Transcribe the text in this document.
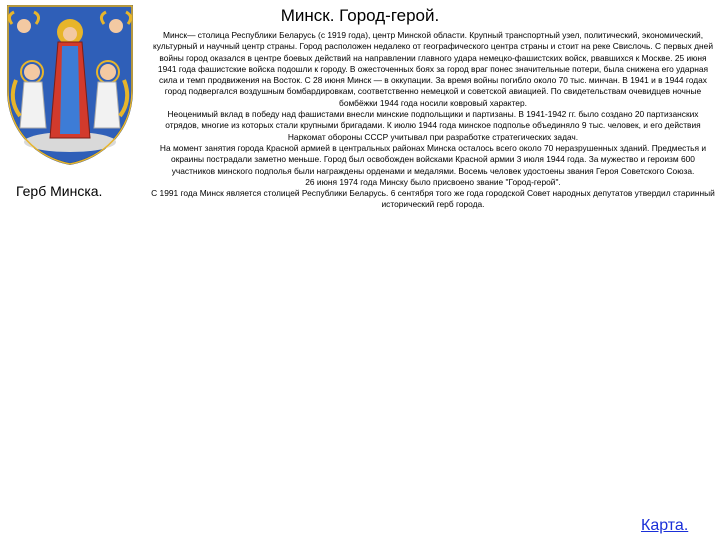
Минск. Город-герой.
Герб Минска.

Минск— столица Республики Беларусь (с 1919 года), центр Минской области. Крупный транспортный узел, политический, экономический, культурный и научный центр страны. Город расположен недалеко от географического центра страны и стоит на реке Свислочь. С первых дней войны город оказался в центре боевых действий на направлении главного удара немецко-фашистских войск, рвавшихся к Москве. 25 июня 1941 года фашистские войска подошли к городу. В ожесточенных боях за город враг понес значительные потери, была снижена его ударная сила и темп продвижения на Восток. С 28 июня Минск — в оккупации. За время войны погибло около 70 тыс. минчан. В 1941 и в 1944 годах город подвергался воздушным бомбардировкам, соответственно немецкой и советской авиацией. По свидетельствам очевидцев ночные бомбёжки 1944 года носили ковровый характер.

Неоценимый вклад в победу над фашистами внесли минские подпольщики и партизаны. В 1941-1942 гг. было создано 20 партизанских отрядов, многие из которых стали крупными бригадами. К июлю 1944 года минское подполье объединяло 9 тыс. человек, и его действия Наркомат обороны СССР учитывал при разработке стратегических задач.

На момент занятия города Красной армией в центральных районах Минска осталось всего около 70 неразрушенных зданий. Предместья и окраины пострадали заметно меньше. Город был освобожден войсками Красной армии 3 июля 1944 года. За мужество и героизм 600 участников минского подполья были награждены орденами и медалями. Восемь человек удостоены звания Героя Советского Союза.

26 июня 1974 года Минску было присвоено звание "Город-герой".

С 1991 года Минск является столицей Республики Беларусь. 6 сентября того же года городской Совет народных депутатов утвердил старинный исторический герб города.

Карта.
